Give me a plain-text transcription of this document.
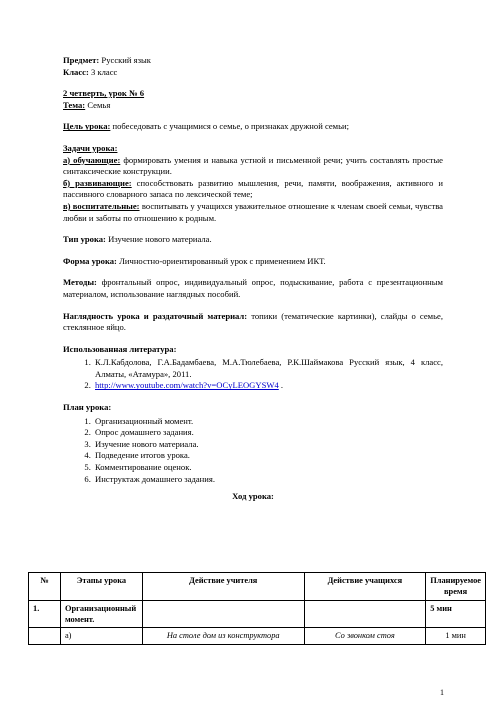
Предмет: Русский язык

Класс: 3 класс

2 четверть, урок № 6

Тема: Семья

Цель урока: побеседовать с учащимися о семье, о признаках дружной семьи;

Задачи урока:

а) обучающие: формировать умения и навыка устной и письменной речи; учить составлять простые синтаксические конструкции.

б) развивающие: способствовать развитию мышления, речи, памяти, воображения, активного и пассивного словарного запаса по лексической теме;

в) воспитательные: воспитывать у учащихся уважительное отношение к членам своей семьи, чувства любви и заботы по отношению к родным.

Тип урока: Изучение нового материала.

Форма урока: Личностно-ориентированный урок с применением ИКТ.

Методы: фронтальный опрос, индивидуальный опрос, подыскивание, работа с презентационным материалом, использование наглядных пособий.

Наглядность урока и раздаточный материал: топики (тематические картинки), слайды о семье, стеклянное яйцо.

Использованная литература:

1. К.Л.Кабдолова, Г.А.Бадамбаева, М.А.Тюлебаева, Р.К.Шаймакова Русский язык, 4 класс, Алматы, «Атамура», 2011.
2. http://www.youtube.com/watch?v=OCyLEOGYSW4 .

План урока:

1. Организационный момент.
2. Опрос домашнего задания.
3. Изучение нового материала.
4. Подведение итогов урока.
5. Комментирование оценок.
6. Инструктаж домашнего задания.

Ход урока:

№	Этапы урока	Действие учителя	Действие учащихся	Планируемое время
1.	Организационный момент.			5 мин
	а)	На столе дом из конструктора	Со звонком стоя	1 мин
1
